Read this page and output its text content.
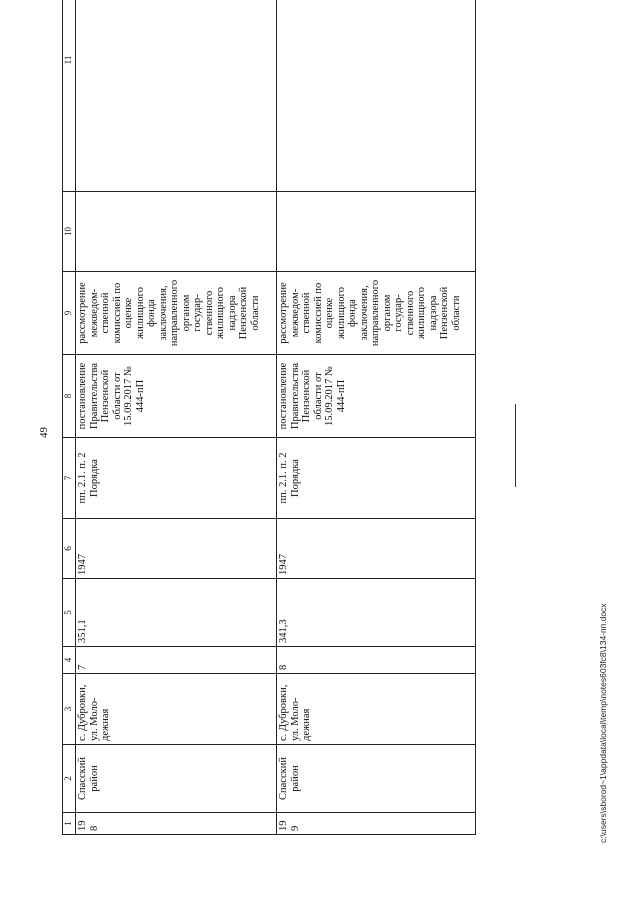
49
1	2	3	4	5	6	7	8	9	10	11
198	Спасский район	с. Дубровки, ул. Моло-дежная	7	351,1	1947	пп. 2.1. п. 2 Порядка	постановление Правительства Пензенской области от 15.09.2017 № 444-пП	рассмотрение межведом-ственной комиссией по оценке жилищного фонда заключения, направленного органом государ-ственного жилищного надзора Пензенской области		
199	Спасский район	с. Дубровки, ул. Моло-дежная	8	341,3	1947	пп. 2.1. п. 2 Порядка	постановление Правительства Пензенской области от 15.09.2017 № 444-пП	рассмотрение межведом-ственной комиссией по оценке жилищного фонда заключения, направленного органом государ-ственного жилищного надзора Пензенской области		
c:\users\sborod~1\appdata\local\temp\notes603fc8\134-пп.docx
